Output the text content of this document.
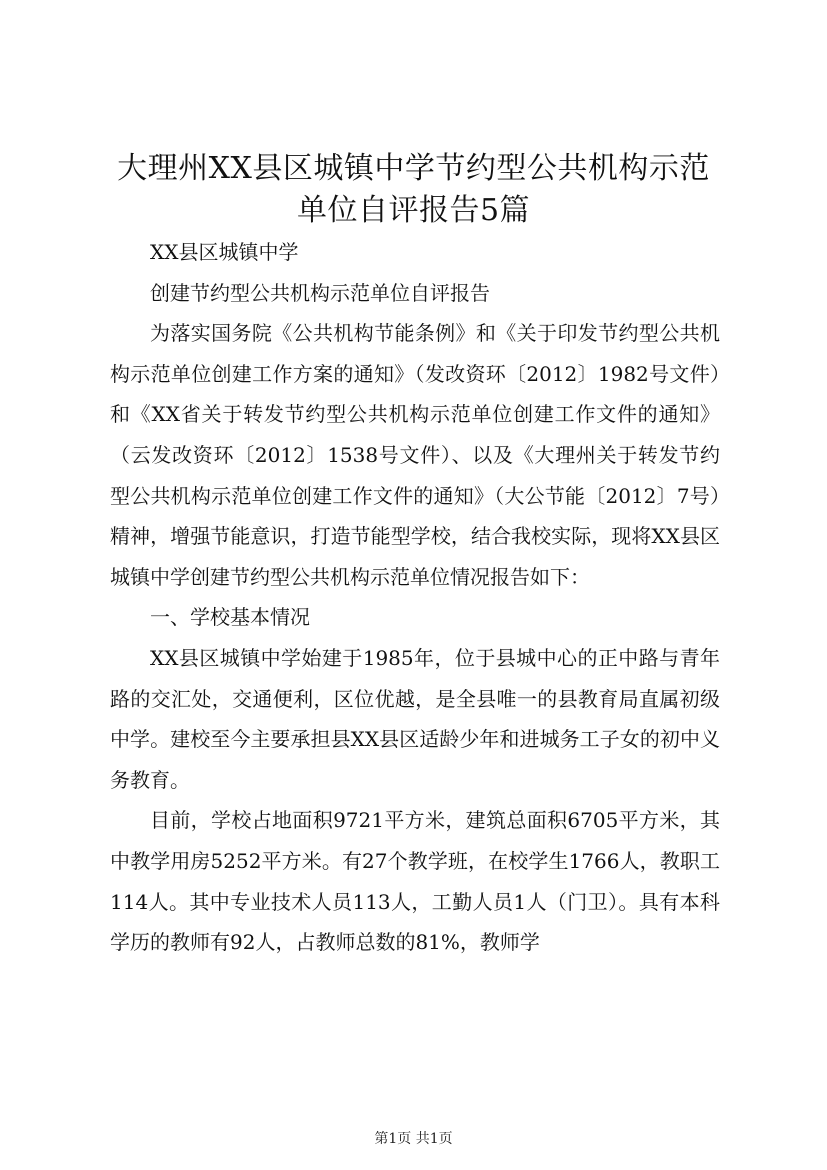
大理州XX县区城镇中学节约型公共机构示范
单位自评报告5篇

XX县区城镇中学

创建节约型公共机构示范单位自评报告

为落实国务院《公共机构节能条例》和《关于印发节约型公共机构示范单位创建工作方案的通知》（发改资环〔2012〕1982号文件）和《XX省关于转发节约型公共机构示范单位创建工作文件的通知》（云发改资环〔2012〕1538号文件）、以及《大理州关于转发节约型公共机构示范单位创建工作文件的通知》（大公节能〔2012〕7号）精神，增强节能意识，打造节能型学校，结合我校实际，现将XX县区城镇中学创建节约型公共机构示范单位情况报告如下：

一、学校基本情况

XX县区城镇中学始建于1985年，位于县城中心的正中路与青年路的交汇处，交通便利，区位优越，是全县唯一的县教育局直属初级中学。建校至今主要承担县XX县区适龄少年和进城务工子女的初中义务教育。

目前，学校占地面积9721平方米，建筑总面积6705平方米，其中教学用房5252平方米。有27个教学班，在校学生1766人，教职工114人。其中专业技术人员113人，工勤人员1人（门卫）。具有本科学历的教师有92人，占教师总数的81%，教师学

第1页 共1页
